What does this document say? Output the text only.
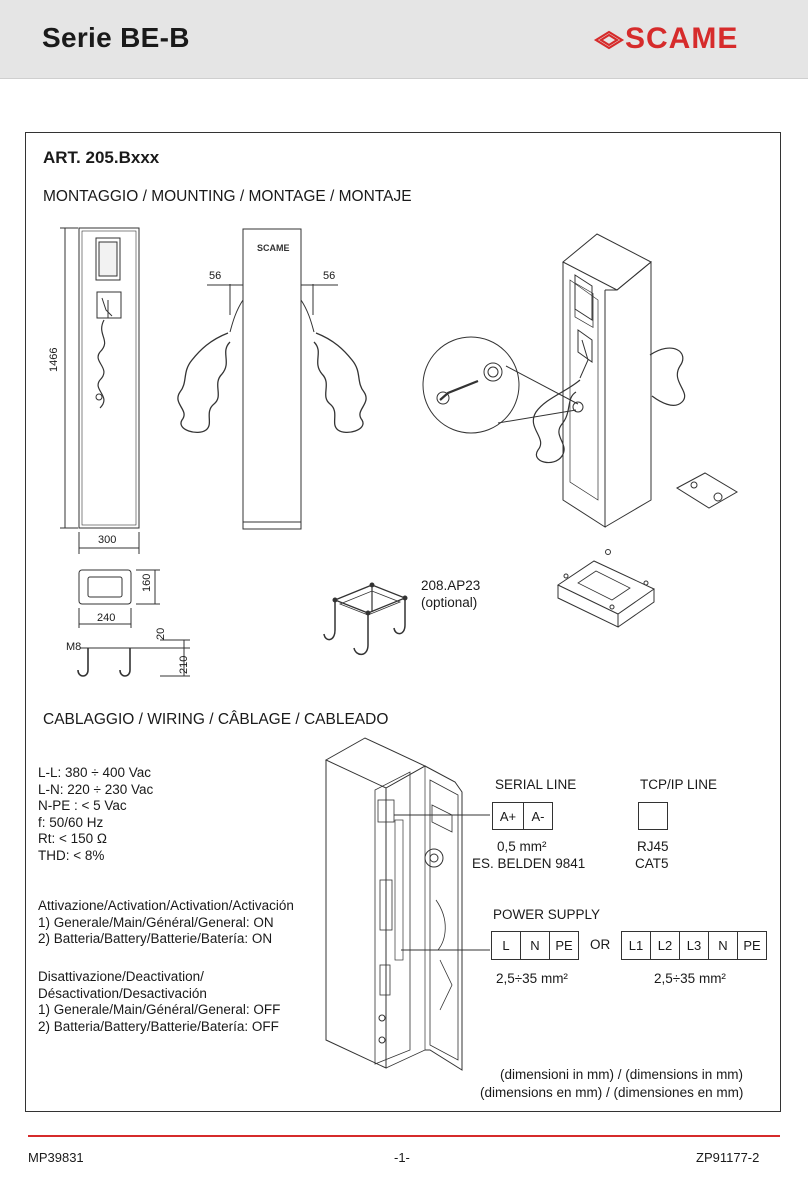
Serie BE-B	SCAME
ART. 205.Bxxx
MONTAGGIO / MOUNTING / MONTAGE / MONTAJE
1466
300
56	56
SCAME
160
240
20
210
M8
208.AP23
(optional)
CABLAGGIO / WIRING / CÂBLAGE / CABLEADO
L-L: 380 ÷ 400 Vac
L-N: 220 ÷ 230 Vac
N-PE : < 5 Vac
f: 50/60 Hz
Rt: < 150 Ω
THD: < 8%
Attivazione/Activation/Activation/Activación
1) Generale/Main/Général/General: ON
2) Batteria/Battery/Batterie/Batería: ON
Disattivazione/Deactivation/
Désactivation/Desactivación
1) Generale/Main/Général/General: OFF
2) Batteria/Battery/Batterie/Batería: OFF
SERIAL LINE
A+	A-
0,5 mm²
ES. BELDEN 9841
TCP/IP LINE
RJ45
CAT5
POWER SUPPLY
L	N	PE	OR	L1	L2	L3	N	PE
2,5÷35 mm²	2,5÷35 mm²
(dimensioni in mm) / (dimensions in mm)
(dimensions en mm) / (dimensiones en mm)
MP39831	-1-	ZP91177-2
